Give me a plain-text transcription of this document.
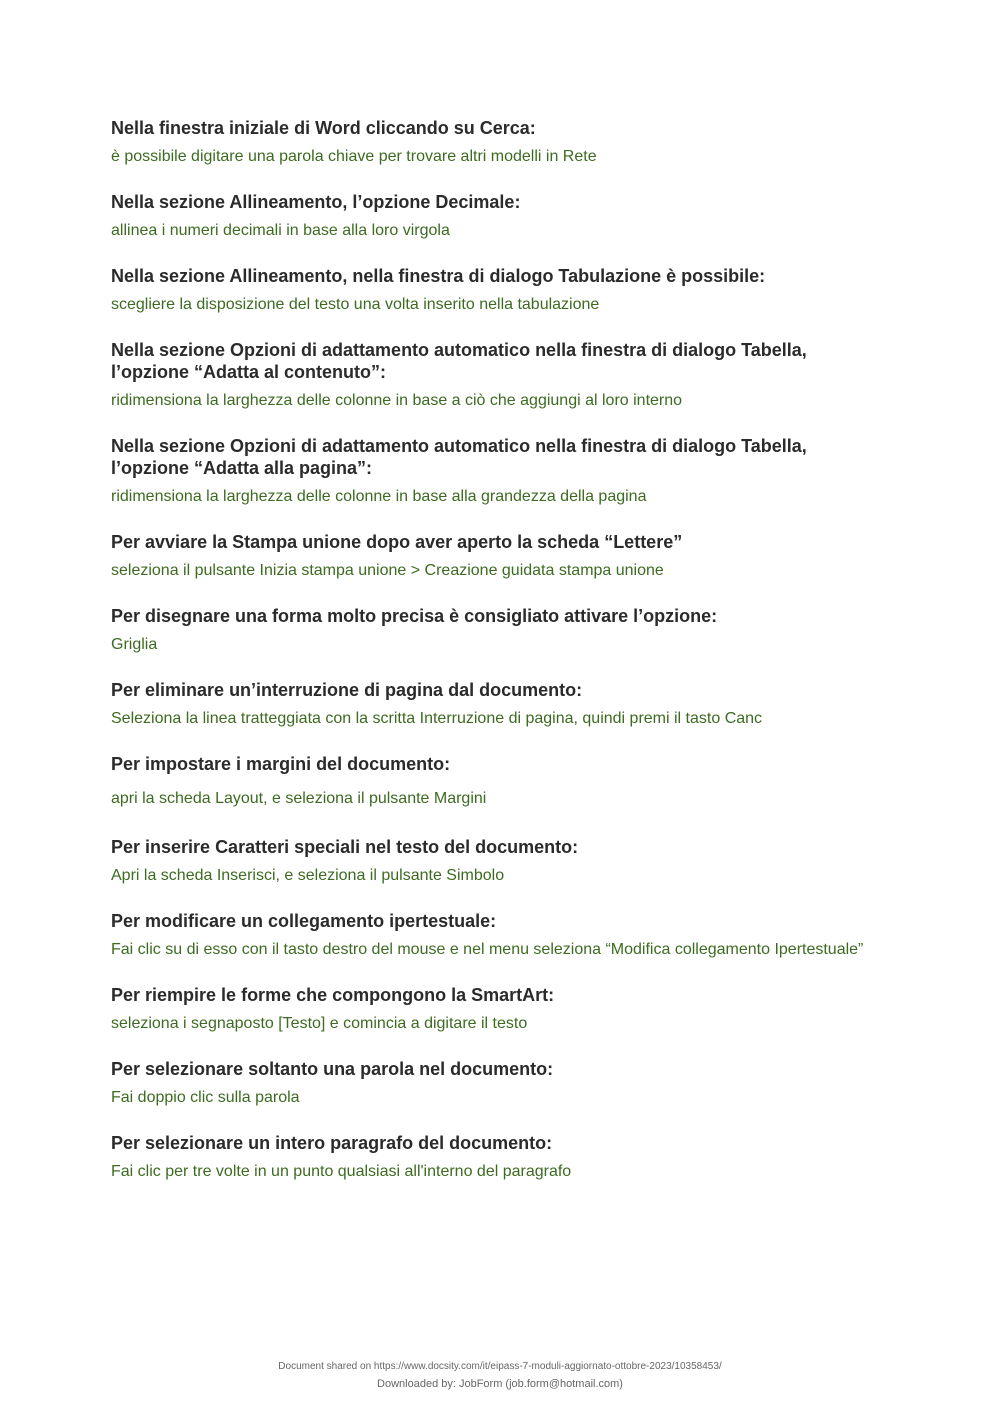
Nella finestra iniziale di Word cliccando su Cerca:

è possibile digitare una parola chiave per trovare altri modelli in Rete

Nella sezione Allineamento, l’opzione Decimale:

allinea i numeri decimali in base alla loro virgola

Nella sezione Allineamento, nella finestra di dialogo Tabulazione è possibile:

scegliere la disposizione del testo una volta inserito nella tabulazione

Nella sezione Opzioni di adattamento automatico nella finestra di dialogo Tabella, l’opzione “Adatta al contenuto”:

ridimensiona la larghezza delle colonne in base a ciò che aggiungi al loro interno

Nella sezione Opzioni di adattamento automatico nella finestra di dialogo Tabella, l’opzione “Adatta alla pagina”:

ridimensiona la larghezza delle colonne in base alla grandezza della pagina

Per avviare la Stampa unione dopo aver aperto la scheda “Lettere”

seleziona il pulsante Inizia stampa unione > Creazione guidata stampa unione

Per disegnare una forma molto precisa è consigliato attivare l’opzione:

Griglia

Per eliminare un’interruzione di pagina dal documento:

Seleziona la linea tratteggiata con la scritta Interruzione di pagina, quindi premi il tasto Canc

Per impostare i margini del documento:

apri la scheda Layout, e seleziona il pulsante Margini

Per inserire Caratteri speciali nel testo del documento:

Apri la scheda Inserisci, e seleziona il pulsante Simbolo

Per modificare un collegamento ipertestuale:

Fai clic su di esso con il tasto destro del mouse e nel menu seleziona “Modifica collegamento Ipertestuale”

Per riempire le forme che compongono la SmartArt:

seleziona i segnaposto [Testo] e comincia a digitare il testo

Per selezionare soltanto una parola nel documento:

Fai doppio clic sulla parola

Per selezionare un intero paragrafo del documento:

Fai clic per tre volte in un punto qualsiasi all'interno del paragrafo

Document shared on https://www.docsity.com/it/eipass-7-moduli-aggiornato-ottobre-2023/10358453/
Downloaded by: JobForm (job.form@hotmail.com)
